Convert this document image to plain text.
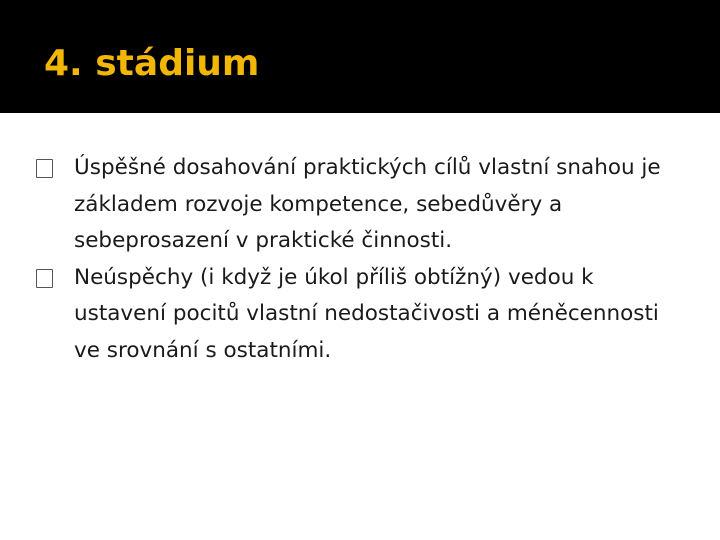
4. stádium
Úspěšné dosahování praktických cílů vlastní snahou je základem rozvoje kompetence, sebedůvěry a sebeprosazení v praktické činnosti.
Neúspěchy (i když je úkol příliš obtížný) vedou k ustavení pocitů vlastní nedostačivosti a méněcennosti ve srovnání s ostatními.
